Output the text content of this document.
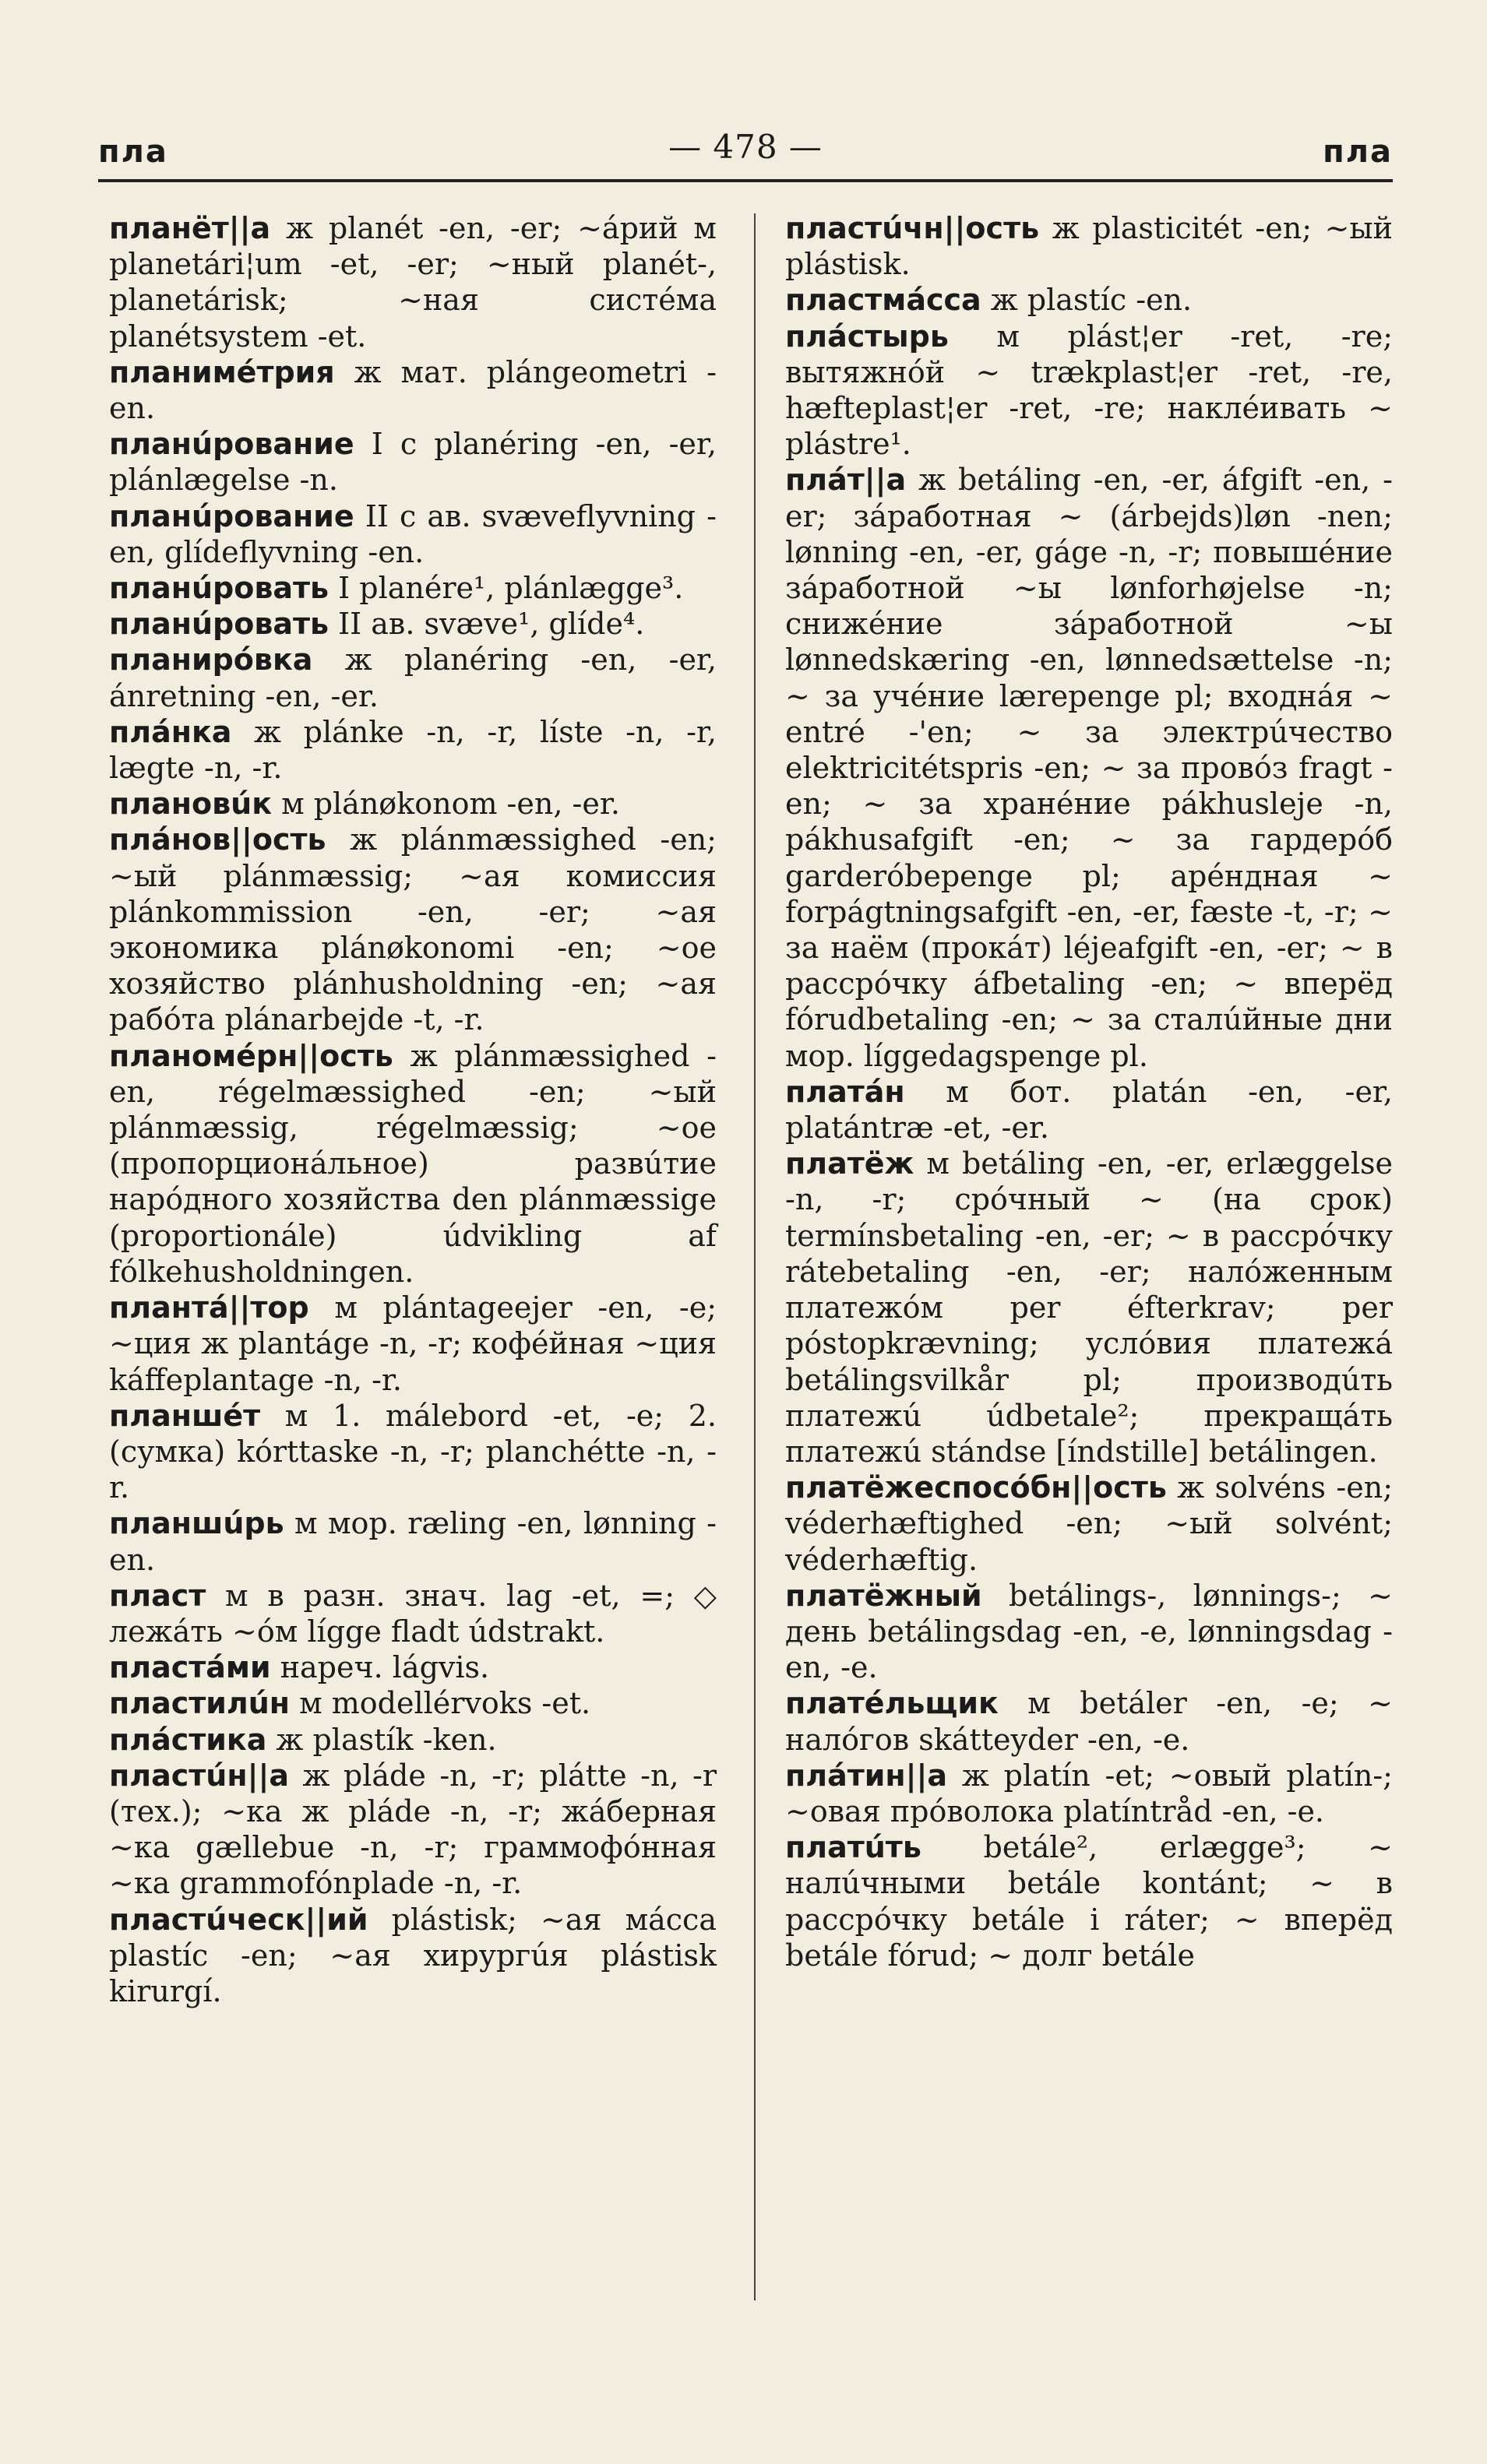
пла	— 478 —	пла

планёт||а ж planét -en, -er; ~áрий м planetári¦um -et, -er; ~ный planét-, planetárisk; ~ная систéма planétsystem -et.

планимéтрия ж мат. plángeometri -en.

планúрование I с planéring -en, -er, plánlægelse -n.

планúрование II с ав. svæveflyvning -en, glídeflyvning -en.

планúровать I planére¹, plánlægge³.

планúровать II ав. svæve¹, glíde⁴.

планирóвка ж planéring -en, -er, ánretning -en, -er.

плáнка ж plánke -n, -r, líste -n, -r, lægte -n, -r.

плановúк м plánøkonom -en, -er.

плáнов||ость ж plánmæssighed -en; ~ый plánmæssig; ~ая комиссия plánkommission -en, -er; ~ая экономика plánøkonomi -en; ~ое хозяйство plánhusholdning -en; ~ая рабóта plánarbejde -t, -r.

планомéрн||ость ж plánmæssighed -en, régelmæssighed -en; ~ый plánmæssig, régelmæssig; ~ое (пропорционáльное) развúтие нарóдного хозяйства den plánmæssige (proportionále) údvikling af fólkehusholdningen.

плантá||тор м plántageejer -en, -e; ~ция ж plantáge -n, -r; кофéйная ~ция káffeplantage -n, -r.

планшéт м 1. málebord -et, -e; 2. (сумка) kórttaske -n, -r; planchétte -n, -r.

планшúрь м мор. ræling -en, lønning -en.

пласт м в разн. знач. lag -et, =; ◇ лежáть ~óм lígge fladt údstrakt.

пластáми нареч. lágvis.

пластилúн м modellérvoks -et.

плáстика ж plastík -ken.

пластúн||а ж pláde -n, -r; plátte -n, -r (тех.); ~ка ж pláde -n, -r; жáберная ~ка gællebue -n, -r; граммофóнная ~ка grammofónplade -n, -r.

пластúческ||ий plástisk; ~ая мáсса plastíc -en; ~ая хирургúя plástisk kirurgí.

пластúчн||ость ж plasticitét -en; ~ый plástisk.

пластмáсса ж plastíc -en.

плáстырь м plást¦er -ret, -re; вытяжнóй ~ trækplast¦er -ret, -re, hæfteplast¦er -ret, -re; наклéивать ~ plástre¹.

плáт||а ж betáling -en, -er, áfgift -en, -er; зáработная ~ (árbejds)løn -nen; lønning -en, -er, gáge -n, -r; повышéние зáработной ~ы lønforhøjelse -n; снижéние зáработной ~ы lønnedskæring -en, lønnedsættelse -n; ~ за учéние lærepenge pl; входнáя ~ entré -'en; ~ за электрúчество elektricitétspris -en; ~ за провóз fragt -en; ~ за хранéние pákhusleje -n, pákhusafgift -en; ~ за гардерóб garderóbepenge pl; арéндная ~ forpágtningsafgift -en, -er, fæste -t, -r; ~ за наём (прокáт) léjeafgift -en, -er; ~ в рассрóчку áfbetaling -en; ~ вперёд fórudbetaling -en; ~ за сталúйные дни мор. líggedagspenge pl.

платáн м бот. platán -en, -er, platántræ -et, -er.

платёж м betáling -en, -er, erlæggelse -n, -r; срóчный ~ (на срок) termínsbetaling -en, -er; ~ в рассрóчку rátebetaling -en, -er; налóженным платежóм per éfterkrav; per póstopkrævning; услóвия платежá betálingsvilkår pl; производúть платежú údbetale²; прекращáть платежú stándse [índstille] betálingen.

платёжеспосóбн||ость ж solvéns -en; véderhæftighed -en; ~ый solvént; véderhæftig.

платёжный betálings-, lønnings-; ~ день betálingsdag -en, -e, lønningsdag -en, -e.

платéльщик м betáler -en, -e; ~ налóгов skátteyder -en, -e.

плáтин||а ж platín -et; ~овый platín-; ~овая прóволока platíntråd -en, -e.

платúть betále², erlægge³; ~ налúчными betále kontánt; ~ в рассрóчку betále i ráter; ~ вперёд betále fórud; ~ долг betále
